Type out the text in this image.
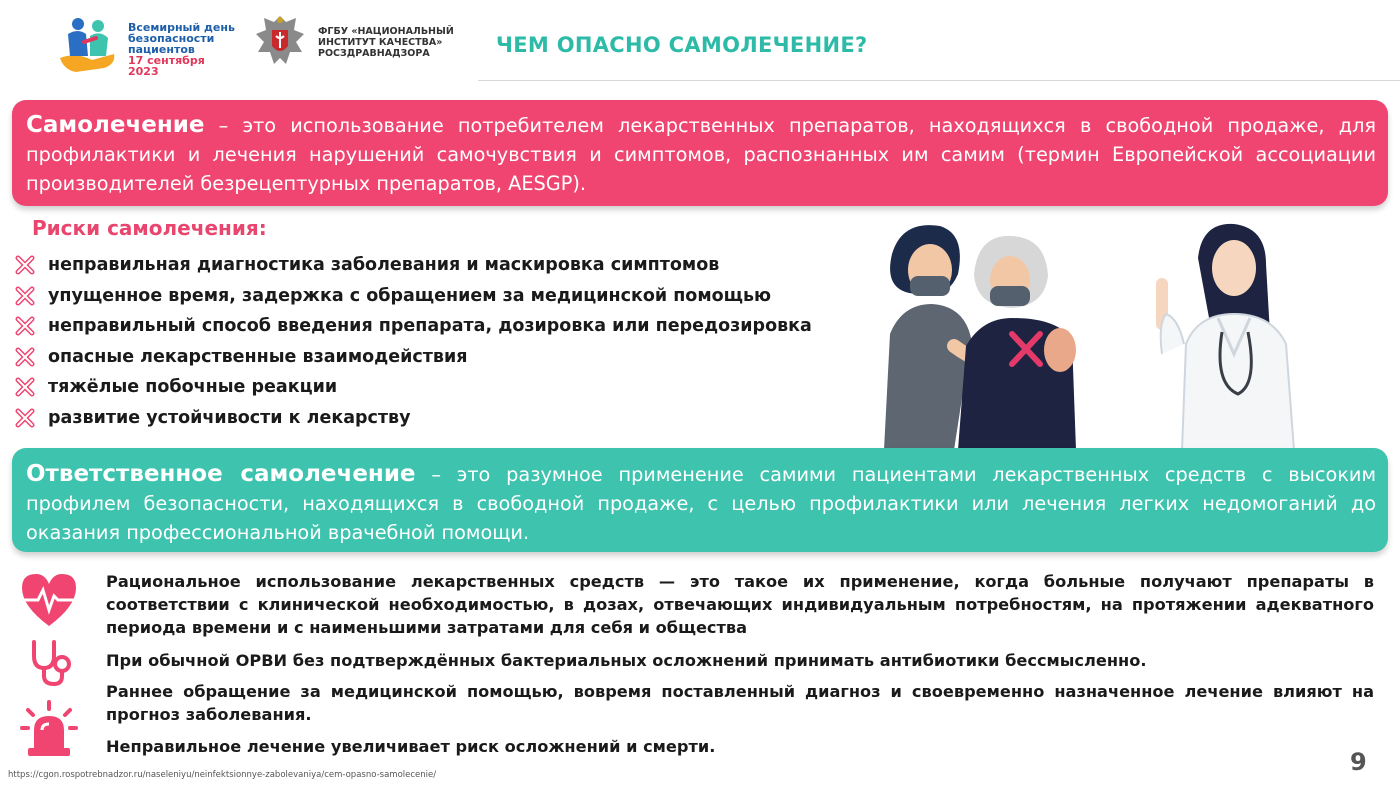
Всемирный день
безопасности
пациентов
17 сентября 2023
ФГБУ «НАЦИОНАЛЬНЫЙ
ИНСТИТУТ КАЧЕСТВА»
РОСЗДРАВНАДЗОРА	ЧЕМ ОПАСНО САМОЛЕЧЕНИЕ?
Самолечение – это использование потребителем лекарственных препаратов, находящихся в свободной продаже, для профилактики и лечения нарушений самочувствия и симптомов, распознанных им самим (термин Европейской ассоциации производителей безрецептурных препаратов, AESGP).
Риски самолечения:
неправильная диагностика заболевания и маскировка симптомов
упущенное время, задержка с обращением за медицинской помощью
неправильный способ введения препарата, дозировка или передозировка
опасные лекарственные взаимодействия
тяжёлые побочные реакции
развитие устойчивости к лекарству
Ответственное самолечение – это разумное применение самими пациентами лекарственных средств с высоким профилем безопасности, находящихся в свободной продаже, с целью профилактики или лечения легких недомоганий до оказания профессиональной врачебной помощи.
Рациональное использование лекарственных средств — это такое их применение, когда больные получают препараты в соответствии с клинической необходимостью, в дозах, отвечающих индивидуальным потребностям, на протяжении адекватного периода времени и с наименьшими затратами для себя и общества
При обычной ОРВИ без подтверждённых бактериальных осложнений принимать антибиотики бессмысленно.
Раннее обращение за медицинской помощью, вовремя поставленный диагноз и своевременно назначенное лечение влияют на прогноз заболевания.
Неправильное лечение увеличивает риск осложнений и смерти.
https://cgon.rospotrebnadzor.ru/naseleniyu/neinfektsionnye-zabolevaniya/cem-opasno-samolecenie/	9
